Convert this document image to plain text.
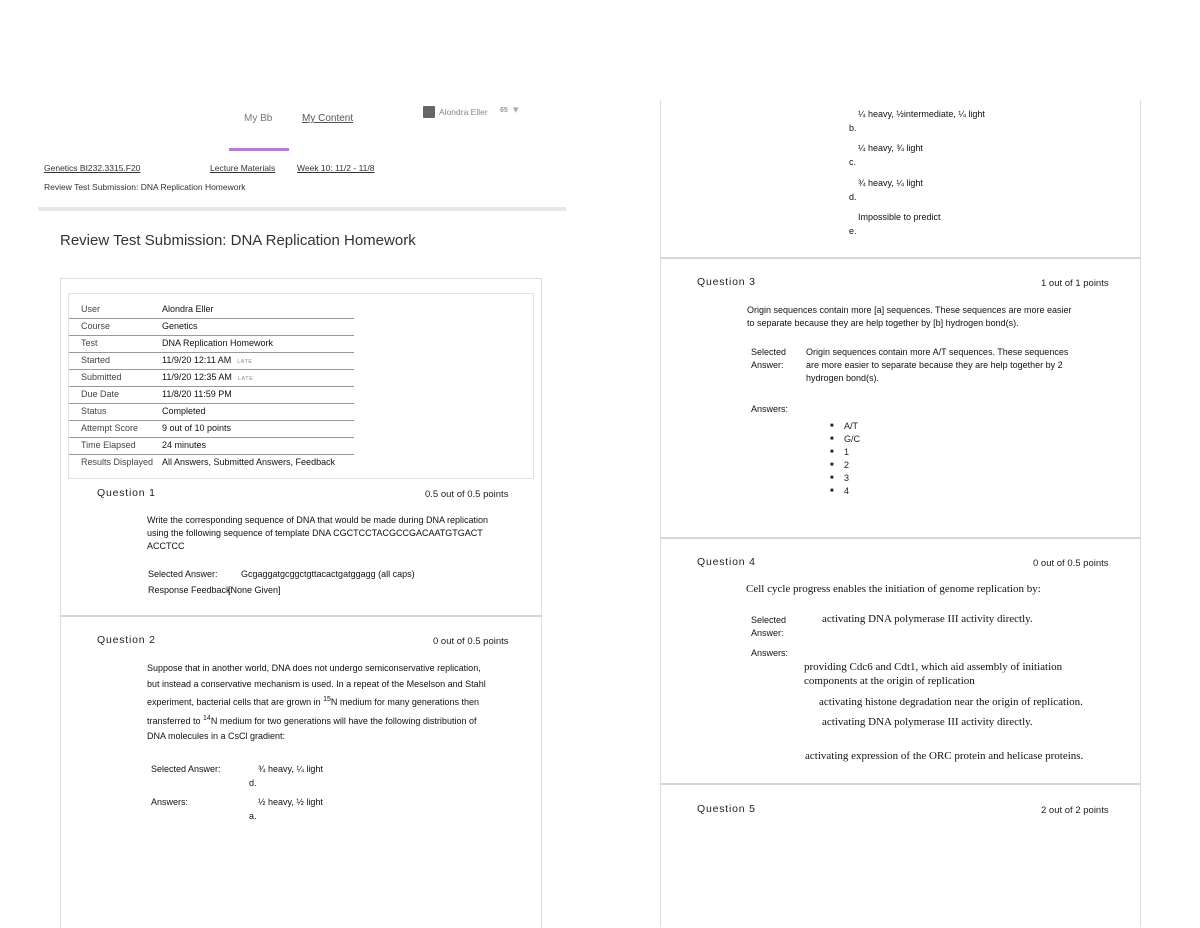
My Bb	My Content
Alondra Eller 65 ▾
Genetics BI232.3315.F20	Lecture Materials	Week 10: 11/2 - 11/8
Review Test Submission: DNA Replication Homework
Review Test Submission: DNA Replication Homework
User	Alondra Eller
Course	Genetics
Test	DNA Replication Homework
Started	11/9/20 12:11 AM LATE
Submitted	11/9/20 12:35 AM LATE
Due Date	11/8/20 11:59 PM
Status	Completed
Attempt Score	9 out of 10 points
Time Elapsed	24 minutes
Results Displayed All Answers, Submitted Answers, Feedback
Question 1	0.5 out of 0.5 points
Write the corresponding sequence of DNA that would be made during DNA replication
using the following sequence of template DNA CGCTCCTACGCCGACAATGTGACT
ACCTCC
Selected Answer:	Gcgaggatgcggctgttacactgatggagg (all caps)
Response Feedback:
[None Given]
Question 2	0 out of 0.5 points
Suppose that in another world, DNA does not undergo semiconservative replication,
but instead a conservative mechanism is used. In a repeat of the Meselson and Stahl
experiment, bacterial cells that are grown in $^{15}$N medium for many generations then
transferred to $^{14}$N medium for two generations will have the following distribution of
DNA molecules in a CsCl gradient:
Selected Answer:	¾ heavy, ¼ light
d.
Answers:	½ heavy, ½ light
a.
¼ heavy, ½intermediate, ¼ light
b.
¼ heavy, ¾ light
c.
¾ heavy, ¼ light
d.
Impossible to predict
e.
Question 3	1 out of 1 points
Origin sequences contain more [a] sequences. These sequences are more easier
to separate because they are help together by [b] hydrogen bond(s).
Selected
Answer:
Origin sequences contain more A/T sequences. These sequences
are more easier to separate because they are help together by 2
hydrogen bond(s).
Answers:
■ A/T
■ G/C
■ 1
■ 2
■ 3
■ 4
Question 4	0 out of 0.5 points
Cell cycle progress enables the initiation of genome replication by:
Selected
Answer:
activating DNA polymerase III activity directly.
Answers:
providing Cdc6 and Cdt1, which aid assembly of initiation
components at the origin of replication
activating histone degradation near the origin of replication.
activating DNA polymerase III activity directly.
activating expression of the ORC protein and helicase proteins.
Question 5	2 out of 2 points
